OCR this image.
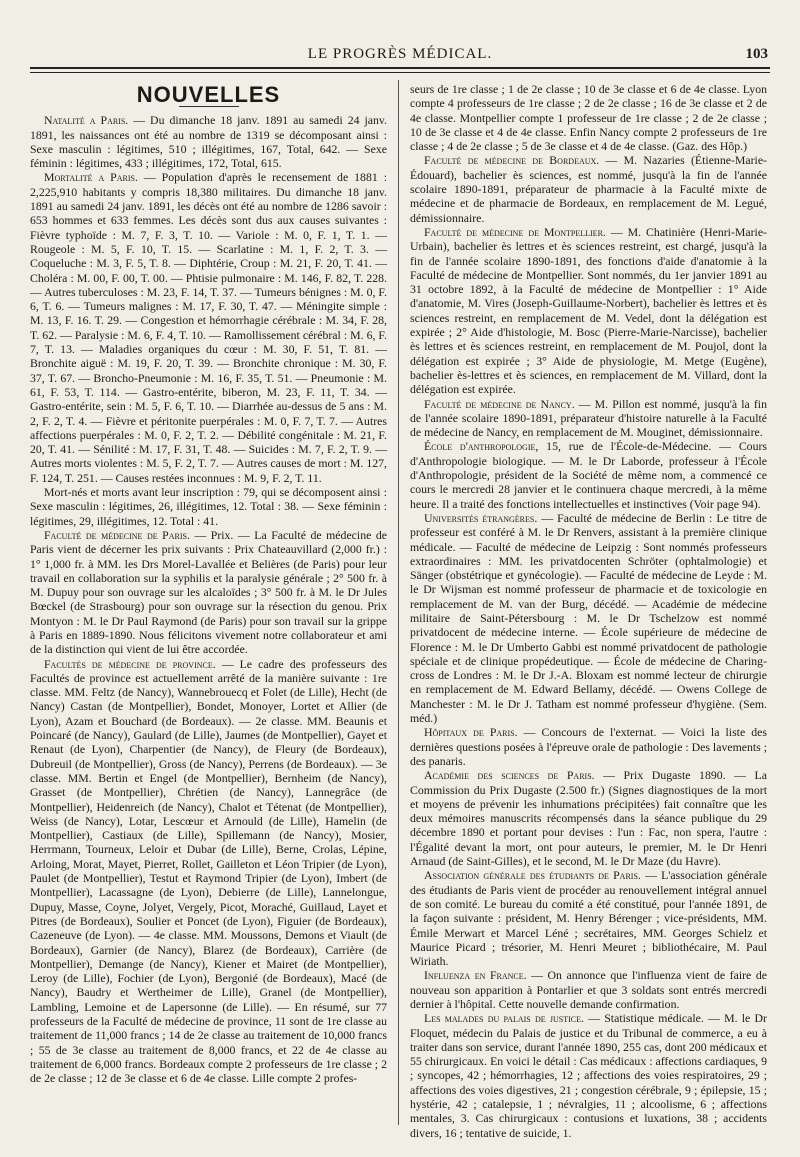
LE PROGRÈS MÉDICAL.	103
NOUVELLES

Natalité a Paris. — Du dimanche 18 janv. 1891 au samedi 24 janv. 1891, les naissances ont été au nombre de 1319 se décomposant ainsi : Sexe masculin : légitimes, 510 ; illégitimes, 167, Total, 642. — Sexe féminin : légitimes, 433 ; illégitimes, 172, Total, 615.

Mortalité a Paris. — Population d'après le recensement de 1881 : 2,225,910 habitants y compris 18,380 militaires. Du dimanche 18 janv. 1891 au samedi 24 janv. 1891, les décès ont été au nombre de 1286 savoir : 653 hommes et 633 femmes. Les décès sont dus aux causes suivantes : Fièvre typhoïde : M. 7, F. 3, T. 10. — Variole : M. 0, F. 1, T. 1. — Rougeole : M. 5, F. 10, T. 15. — Scarlatine : M. 1, F. 2, T. 3. — Coqueluche : M. 3, F. 5, T. 8. — Diphtérie, Croup : M. 21, F. 20, T. 41. — Choléra : M. 00, F. 00, T. 00. — Phtisie pulmonaire : M. 146, F. 82, T. 228. — Autres tuberculoses : M. 23, F. 14, T. 37. — Tumeurs bénignes : M. 0, F. 6, T. 6. — Tumeurs malignes : M. 17, F. 30, T. 47. — Méningite simple : M. 13, F. 16. T. 29. — Congestion et hémorrhagie cérébrale : M. 34, F. 28, T. 62. — Paralysie : M. 6, F. 4, T. 10. — Ramollissement cérébral : M. 6, F. 7, T. 13. — Maladies organiques du cœur : M. 30, F. 51, T. 81. — Bronchite aiguë : M. 19, F. 20, T. 39. — Bronchite chronique : M. 30, F. 37, T. 67. — Broncho-Pneumonie : M. 16, F. 35, T. 51. — Pneumonie : M. 61, F. 53, T. 114. — Gastro-entérite, biberon, M. 23, F. 11, T. 34. — Gastro-entérite, sein : M. 5, F. 6, T. 10. — Diarrhée au-dessus de 5 ans : M. 2, F. 2, T. 4. — Fièvre et péritonite puerpérales : M. 0, F. 7, T. 7. — Autres affections puerpérales : M. 0, F. 2, T. 2. — Débilité congénitale : M. 21, F. 20, T. 41. — Sénilité : M. 17, F. 31, T. 48. — Suicides : M. 7, F. 2, T. 9. — Autres morts violentes : M. 5, F. 2, T. 7. — Autres causes de mort : M. 127, F. 124, T. 251. — Causes restées inconnues : M. 9, F. 2, T. 11.

Mort-nés et morts avant leur inscription : 79, qui se décomposent ainsi : Sexe masculin : légitimes, 26, illégitimes, 12. Total : 38. — Sexe féminin : légitimes, 29, illégitimes, 12. Total : 41.

Faculté de médecine de Paris. — Prix. — La Faculté de médecine de Paris vient de décerner les prix suivants : Prix Chateauvillard (2,000 fr.) : 1° 1,000 fr. à MM. les Drs Morel-Lavallée et Belières (de Paris) pour leur travail en collaboration sur la syphilis et la paralysie générale ; 2° 500 fr. à M. Dupuy pour son ouvrage sur les alcaloïdes ; 3° 500 fr. à M. le Dr Jules Bœckel (de Strasbourg) pour son ouvrage sur la résection du genou. Prix Montyon : M. le Dr Paul Raymond (de Paris) pour son travail sur la grippe à Paris en 1889-1890. Nous félicitons vivement notre collaborateur et ami de la distinction qui vient de lui être accordée.

Facultés de médecine de province. — Le cadre des professeurs des Facultés de province est actuellement arrêté de la manière suivante : 1re classe. MM. Feltz (de Nancy), Wannebrouecq et Folet (de Lille), Hecht (de Nancy) Castan (de Montpellier), Bondet, Monoyer, Lortet et Allier (de Lyon), Azam et Bouchard (de Bordeaux). — 2e classe. MM. Beaunis et Poincaré (de Nancy), Gaulard (de Lille), Jaumes (de Montpellier), Gayet et Renaut (de Lyon), Charpentier (de Nancy), de Fleury (de Bordeaux), Dubreuil (de Montpellier), Gross (de Nancy), Perrens (de Bordeaux). — 3e classe. MM. Bertin et Engel (de Montpellier), Bernheim (de Nancy), Grasset (de Montpellier), Chrétien (de Nancy), Lannegrâce (de Montpellier), Heidenreich (de Nancy), Chalot et Tétenat (de Montpellier), Weiss (de Nancy), Lotar, Lescœur et Arnould (de Lille), Hamelin (de Montpellier), Castiaux (de Lille), Spillemann (de Nancy), Mosier, Herrmann, Tourneux, Leloir et Dubar (de Lille), Berne, Crolas, Lépine, Arloing, Morat, Mayet, Pierret, Rollet, Gailleton et Léon Tripier (de Lyon), Paulet (de Montpellier), Testut et Raymond Tripier (de Lyon), Imbert (de Montpellier), Lacassagne (de Lyon), Debierre (de Lille), Lannelongue, Dupuy, Masse, Coyne, Jolyet, Vergely, Picot, Moraché, Guillaud, Layet et Pitres (de Bordeaux), Soulier et Poncet (de Lyon), Figuier (de Bordeaux), Cazeneuve (de Lyon). — 4e classe. MM. Moussons, Demons et Viault (de Bordeaux), Garnier (de Nancy), Blarez (de Bordeaux), Carrière (de Montpellier), Demange (de Nancy), Kiener et Mairet (de Montpellier), Leroy (de Lille), Fochier (de Lyon), Bergonié (de Bordeaux), Macé (de Nancy), Baudry et Wertheimer de Lille), Granel (de Montpellier), Lambling, Lemoine et de Lapersonne (de Lille). — En résumé, sur 77 professeurs de la Faculté de médecine de province, 11 sont de 1re classe au traitement de 11,000 francs ; 14 de 2e classe au traitement de 10,000 francs ; 55 de 3e classe au traitement de 8,000 francs, et 22 de 4e classe au traitement de 6,000 francs. Bordeaux compte 2 professeurs de 1re classe ; 2 de 2e classe ; 12 de 3e classe et 6 de 4e classe. Lille compte 2 profes-

seurs de 1re classe ; 1 de 2e classe ; 10 de 3e classe et 6 de 4e classe. Lyon compte 4 professeurs de 1re classe ; 2 de 2e classe ; 16 de 3e classe et 2 de 4e classe. Montpellier compte 1 professeur de 1re classe ; 2 de 2e classe ; 10 de 3e classe et 4 de 4e classe. Enfin Nancy compte 2 professeurs de 1re classe ; 4 de 2e classe ; 5 de 3e classe et 4 de 4e classe. (Gaz. des Hôp.)

Faculté de médecine de Bordeaux. — M. Nazaries (Étienne-Marie-Édouard), bachelier ès sciences, est nommé, jusqu'à la fin de l'année scolaire 1890-1891, préparateur de pharmacie à la Faculté mixte de médecine et de pharmacie de Bordeaux, en remplacement de M. Legué, démissionnaire.

Faculté de médecine de Montpellier. — M. Chatinière (Henri-Marie-Urbain), bachelier ès lettres et ès sciences restreint, est chargé, jusqu'à la fin de l'année scolaire 1890-1891, des fonctions d'aide d'anatomie à la Faculté de médecine de Montpellier. Sont nommés, du 1er janvier 1891 au 31 octobre 1892, à la Faculté de médecine de Montpellier : 1° Aide d'anatomie, M. Vires (Joseph-Guillaume-Norbert), bachelier ès lettres et ès sciences restreint, en remplacement de M. Vedel, dont la délégation est expirée ; 2° Aide d'histologie, M. Bosc (Pierre-Marie-Narcisse), bachelier ès lettres et ès sciences restreint, en remplacement de M. Poujol, dont la délégation est expirée ; 3° Aide de physiologie, M. Metge (Eugène), bachelier ès-lettres et ès sciences, en remplacement de M. Villard, dont la délégation est expirée.

Faculté de médecine de Nancy. — M. Pillon est nommé, jusqu'à la fin de l'année scolaire 1890-1891, préparateur d'histoire naturelle à la Faculté de médecine de Nancy, en remplacement de M. Mouginet, démissionnaire.

École d'anthropologie, 15, rue de l'École-de-Médecine. — Cours d'Anthropologie biologique. — M. le Dr Laborde, professeur à l'École d'Anthropologie, président de la Société de même nom, a commencé ce cours le mercredi 28 janvier et le continuera chaque mercredi, à la même heure. Il a traité des fonctions intellectuelles et instinctives (Voir page 94).

Universités étrangères. — Faculté de médecine de Berlin : Le titre de professeur est conféré à M. le Dr Renvers, assistant à la première clinique médicale. — Faculté de médecine de Leipzig : Sont nommés professeurs extraordinaires : MM. les privatdocenten Schröter (ophtalmologie) et Sänger (obstétrique et gynécologie). — Faculté de médecine de Leyde : M. le Dr Wijsman est nommé professeur de pharmacie et de toxicologie en remplacement de M. van der Burg, décédé. — Académie de médecine militaire de Saint-Pétersbourg : M. le Dr Tschelzow est nommé privatdocent de médecine interne. — École supérieure de médecine de Florence : M. le Dr Umberto Gabbi est nommé privatdocent de pathologie spéciale et de clinique propédeutique. — École de médecine de Charing-cross de Londres : M. le Dr J.-A. Bloxam est nommé lecteur de chirurgie en remplacement de M. Edward Bellamy, décédé. — Owens College de Manchester : M. le Dr J. Tatham est nommé professeur d'hygiène. (Sem. méd.)

Hôpitaux de Paris. — Concours de l'externat. — Voici la liste des dernières questions posées à l'épreuve orale de pathologie : Des lavements ; des panaris.

Académie des sciences de Paris. — Prix Dugaste 1890. — La Commission du Prix Dugaste (2.500 fr.) (Signes diagnostiques de la mort et moyens de prévenir les inhumations précipitées) fait connaître que les deux mémoires manuscrits récompensés dans la séance publique du 29 décembre 1890 et portant pour devises : l'un : Fac, non spera, l'autre : l'Égalité devant la mort, ont pour auteurs, le premier, M. le Dr Henri Arnaud (de Saint-Gilles), et le second, M. le Dr Maze (du Havre).

Association générale des étudiants de Paris. — L'association générale des étudiants de Paris vient de procéder au renouvellement intégral annuel de son comité. Le bureau du comité a été constitué, pour l'année 1891, de la façon suivante : président, M. Henry Bérenger ; vice-présidents, MM. Émile Merwart et Marcel Léné ; secrétaires, MM. Georges Schielz et Maurice Picard ; trésorier, M. Henri Meuret ; bibliothécaire, M. Paul Wiriath.

Influenza en France. — On annonce que l'influenza vient de faire de nouveau son apparition à Pontarlier et que 3 soldats sont entrés mercredi dernier à l'hôpital. Cette nouvelle demande confirmation.

Les malades du palais de justice. — Statistique médicale. — M. le Dr Floquet, médecin du Palais de justice et du Tribunal de commerce, a eu à traiter dans son service, durant l'année 1890, 255 cas, dont 200 médicaux et 55 chirurgicaux. En voici le détail : Cas médicaux : affections cardiaques, 9 ; syncopes, 42 ; hémorrhagies, 12 ; affections des voies respiratoires, 29 ; affections des voies digestives, 21 ; congestion cérébrale, 9 ; épilepsie, 15 ; hystérie, 42 ; catalepsie, 1 ; névralgies, 11 ; alcoolisme, 6 ; affections mentales, 3. Cas chirurgicaux : contusions et luxations, 38 ; accidents divers, 16 ; tentative de suicide, 1.
